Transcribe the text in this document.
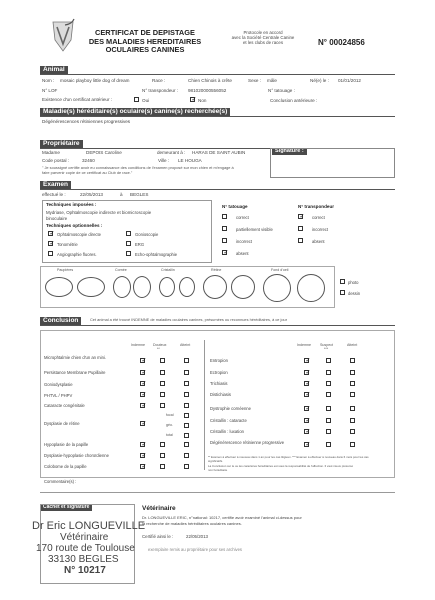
CERTIFICAT DE DEPISTAGE
DES MALADIES HEREDITAIRES
OCULAIRES CANINES
Protocole en accord
avec la Société Centrale Canine
et les clubs de races	N° 00024856
Animal
Nom : mosaic playboy little dog of dream	Race :	Chien Chinois à crête	Sexe : mâle	Né(e) le : 01/01/2012
N° LOF	N° transpondeur : 981020000556052	N° tatouage :
Existence d'un certificat antérieur :	Oui
✓	Non	Conclusion antérieure :
Maladie(s) héréditaire(s) oculaire(s) canine(s) recherchée(s)
Dégénérescences rétiniennes progressives
Propriétaire
Signature :
Madame	DEPOIS Caroline	demeurant à : HARAS DE SAINT AUBIN
Code postal :	32460	Ville : LE HOUGA
" Je soussigné certifie avoir eu connaissance des conditions de l'examen proposé sur mon chien et m'engage à
faire parvenir copie de ce certificat au Club de race."
Examen
effectué le :	22/05/2013	à BEGLES
Techniques imposées :
Mydriase, Ophtalmoscopie indirecte et biomicroscopie
binoculaire
Techniques optionnelles :
✓
Ophtalmoscopie directe
✓
Tonométrie
Angiographie fluores.
Gonioscopie
ERG
Echo-ophtalmographie
N° tatouage
correct
partiellement visible
incorrect
✓
absent
N° transpondeur
✓
correct
incorrect
absent
Paupières	Cornée	Cristallin	Rétine	Fond d'oeil
photo
dessin
Conclusion	Cet animal a été trouvé INDEMNE de maladies oculaires canines, présumées ou reconnues héréditaires, à ce jour
Indemne Douteux
**
Atteint	Indemne	Suspect
***
Atteint
Microphtalmie chien d'un an mini.
Persistance Membrane Pupillaire
Goniodysplasie
PHTVL / PHPV
Cataracte congénitale
Dysplasie de rétine
Hypoplasie de la papille
Dysplasie-hypoplasie choroïdienne
Colobome de la papille
focal
géo.
total
✓
✓
✓
✓
✓
✓
✓
✓
✓
Entropion
Ectropion
Trichiasis
Distichiasis
Dystrophie cornéenne
Cristallin : cataracte
Cristallin : luxation
Dégénérescence rétinienne progressive
✓
✓
✓
✓
✓
✓
✓
✓
** Examen à effectuer à nouveau dans 1 an pour les cas litigieux. *** Examen à effectuer à nouveau dans 6 mois pour les cas
significatifs.
La Conclusion sur le ou les caractères héréditaires est sous la responsabilité de l'affection. Il vaut mieux présumé
non héréditaire
Commentaire(s) :
Cachet et signature	Vétérinaire
Dr. LONGUEVILLE ERIC, n°national: 10217, certifie avoir examiné l'animal ci-dessus pour
la recherche de maladies héréditaires oculaires canines.
Certifié ainsi le :	22/05/2013
exemplaire remis au propriétaire pour ses archives
Dr Eric LONGUEVILLE
Vétérinaire
170 route de Toulouse
33130 BEGLES
N° 10217
